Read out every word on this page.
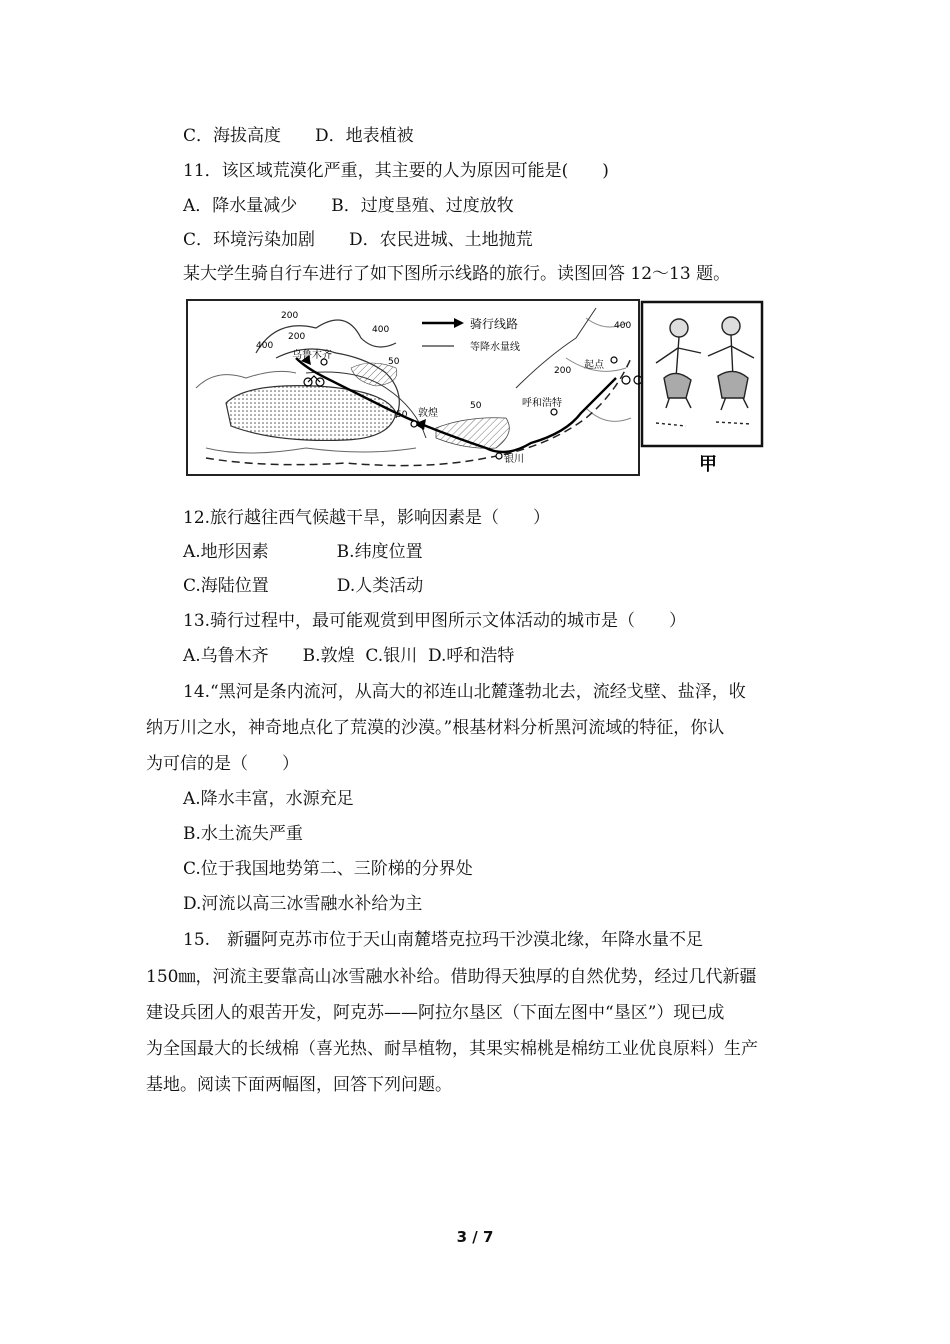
C．海拔高度　　D．地表植被
11．该区域荒漠化严重，其主要的人为原因可能是(　　)
A．降水量减少　　B．过度垦殖、过度放牧
C．环境污染加剧　　D．农民进城、土地抛荒
某大学生骑自行车进行了如下图所示线路的旅行。读图回答 12～13 题。
骑行线路
等降水量线
200
200
400
400
50
50
200
50
400
乌鲁木齐
敦煌
呼和浩特
银川
起点
甲
12.旅行越往西气候越干旱，影响因素是（　　）
A.地形因素　　　　B.纬度位置
C.海陆位置　　　　D.人类活动
13.骑行过程中，最可能观赏到甲图所示文体活动的城市是（　　）
A.乌鲁木齐　　B.敦煌  C.银川  D.呼和浩特
14.“黑河是条内流河，从高大的祁连山北麓蓬勃北去，流经戈壁、盐泽，收
纳万川之水，神奇地点化了荒漠的沙漠。”根基材料分析黑河流域的特征，你认
为可信的是（　　）
A.降水丰富，水源充足
B.水土流失严重
C.位于我国地势第二、三阶梯的分界处
D.河流以高三冰雪融水补给为主
15.　新疆阿克苏市位于天山南麓塔克拉玛干沙漠北缘，年降水量不足
150㎜，河流主要靠高山冰雪融水补给。借助得天独厚的自然优势，经过几代新疆
建设兵团人的艰苦开发，阿克苏——阿拉尔垦区（下面左图中“垦区”）现已成
为全国最大的长绒棉（喜光热、耐旱植物，其果实棉桃是棉纺工业优良原料）生产
基地。阅读下面两幅图，回答下列问题。
3 / 7
